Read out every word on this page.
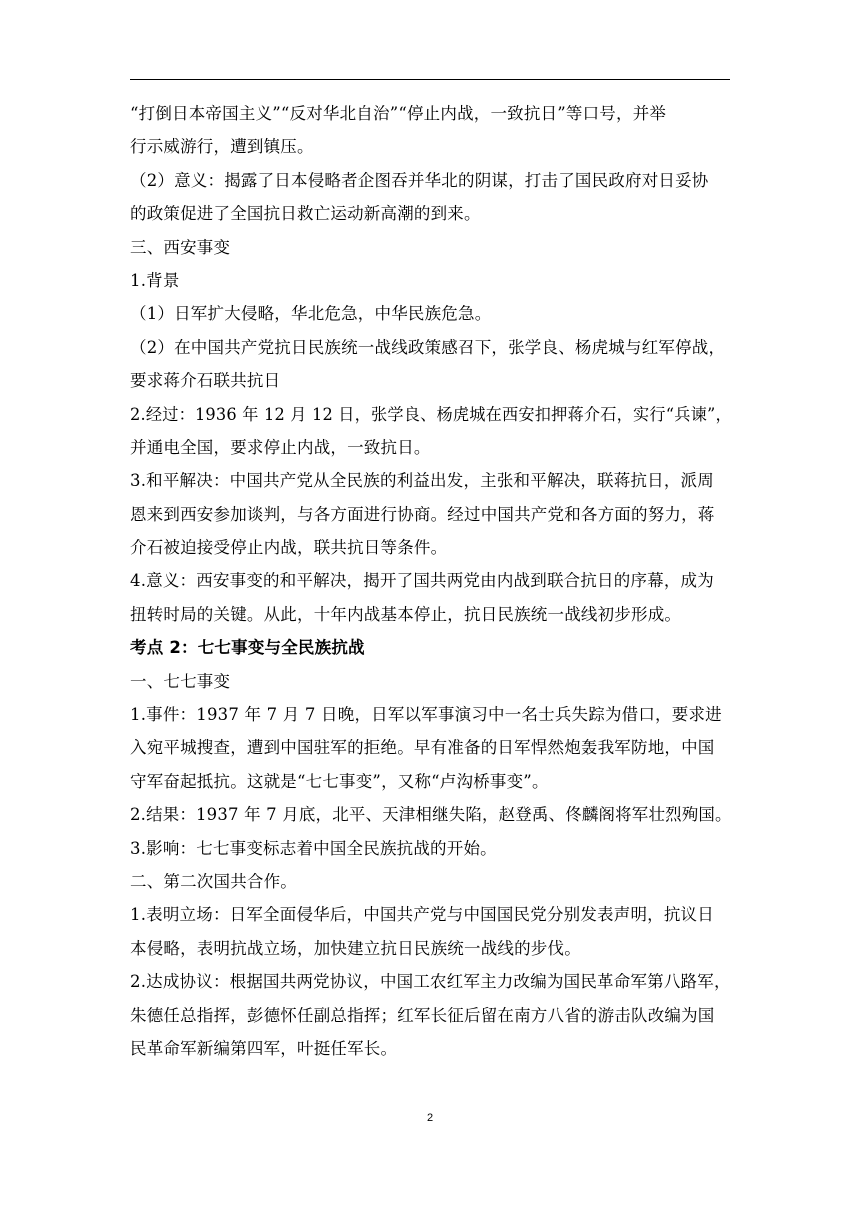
“打倒日本帝国主义”“反对华北自治”“停止内战，一致抗日”等口号，并举
行示威游行，遭到镇压。
（2）意义：揭露了日本侵略者企图吞并华北的阴谋，打击了国民政府对日妥协
的政策促进了全国抗日救亡运动新高潮的到来。
三、西安事变
1.背景
（1）日军扩大侵略，华北危急，中华民族危急。
（2）在中国共产党抗日民族统一战线政策感召下，张学良、杨虎城与红军停战，
要求蒋介石联共抗日
2.经过：1936 年 12 月 12 日，张学良、杨虎城在西安扣押蒋介石，实行“兵谏”，
并通电全国，要求停止内战，一致抗日。
3.和平解决：中国共产党从全民族的利益出发，主张和平解决，联蒋抗日，派周
恩来到西安参加谈判，与各方面进行协商。经过中国共产党和各方面的努力，蒋
介石被迫接受停止内战，联共抗日等条件。
4.意义：西安事变的和平解决，揭开了国共两党由内战到联合抗日的序幕，成为
扭转时局的关键。从此，十年内战基本停止，抗日民族统一战线初步形成。
考点 2：七七事变与全民族抗战
一、七七事变
1.事件：1937 年 7 月 7 日晚，日军以军事演习中一名士兵失踪为借口，要求进
入宛平城搜查，遭到中国驻军的拒绝。早有准备的日军悍然炮轰我军防地，中国
守军奋起抵抗。这就是“七七事变”，又称“卢沟桥事变”。
2.结果：1937 年 7 月底，北平、天津相继失陷，赵登禹、佟麟阁将军壮烈殉国。
3.影响：七七事变标志着中国全民族抗战的开始。
二、第二次国共合作。
1.表明立场：日军全面侵华后，中国共产党与中国国民党分别发表声明，抗议日
本侵略，表明抗战立场，加快建立抗日民族统一战线的步伐。
2.达成协议：根据国共两党协议，中国工农红军主力改编为国民革命军第八路军，
朱德任总指挥，彭德怀任副总指挥；红军长征后留在南方八省的游击队改编为国
民革命军新编第四军，叶挺任军长。
2
